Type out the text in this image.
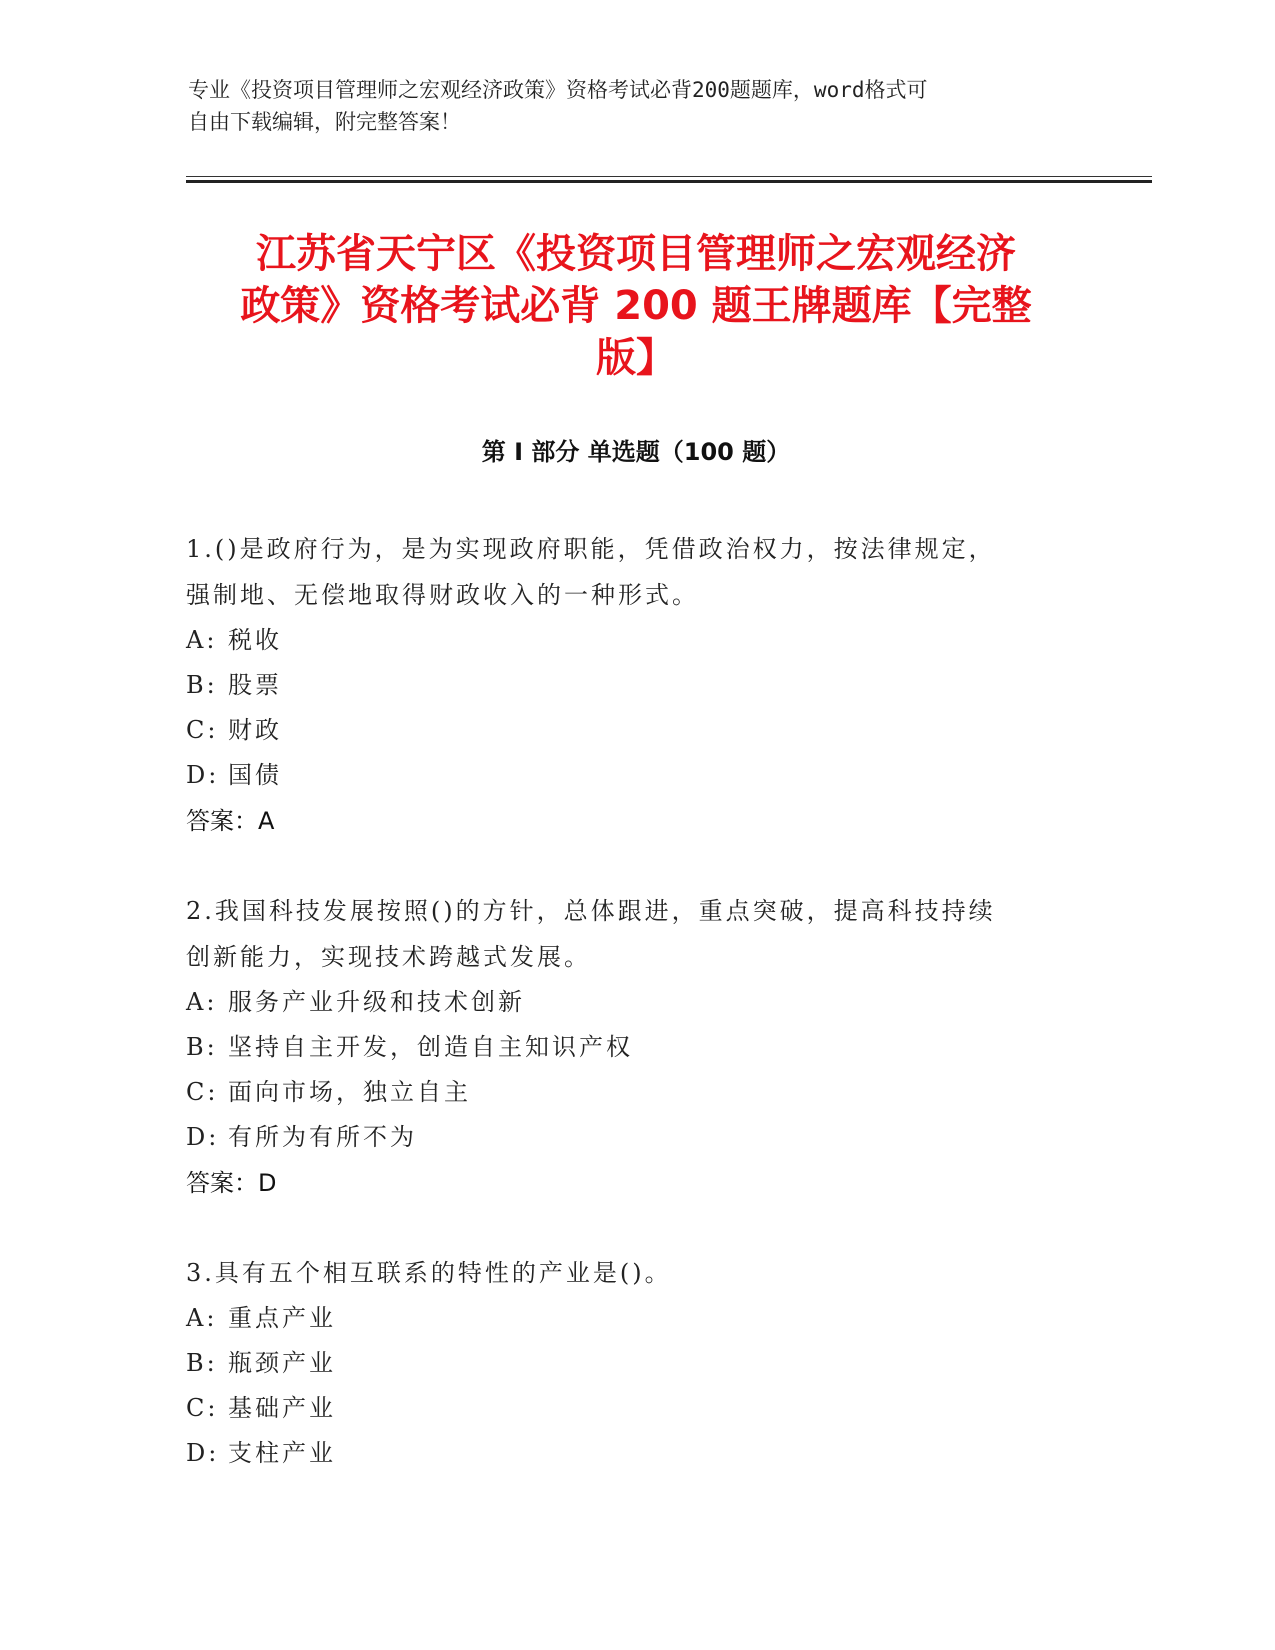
专业《投资项目管理师之宏观经济政策》资格考试必背200题题库，word格式可
自由下载编辑，附完整答案！
江苏省天宁区《投资项目管理师之宏观经济
政策》资格考试必背 200 题王牌题库【完整
版】
第 I 部分 单选题（100 题）
1.()是政府行为，是为实现政府职能，凭借政治权力，按法律规定，
强制地、无偿地取得财政收入的一种形式。
A: 税收
B: 股票
C: 财政
D: 国债
答案：A
2.我国科技发展按照()的方针，总体跟进，重点突破，提高科技持续
创新能力，实现技术跨越式发展。
A: 服务产业升级和技术创新
B: 坚持自主开发，创造自主知识产权
C: 面向市场，独立自主
D: 有所为有所不为
答案：D
3.具有五个相互联系的特性的产业是()。
A: 重点产业
B: 瓶颈产业
C: 基础产业
D: 支柱产业
